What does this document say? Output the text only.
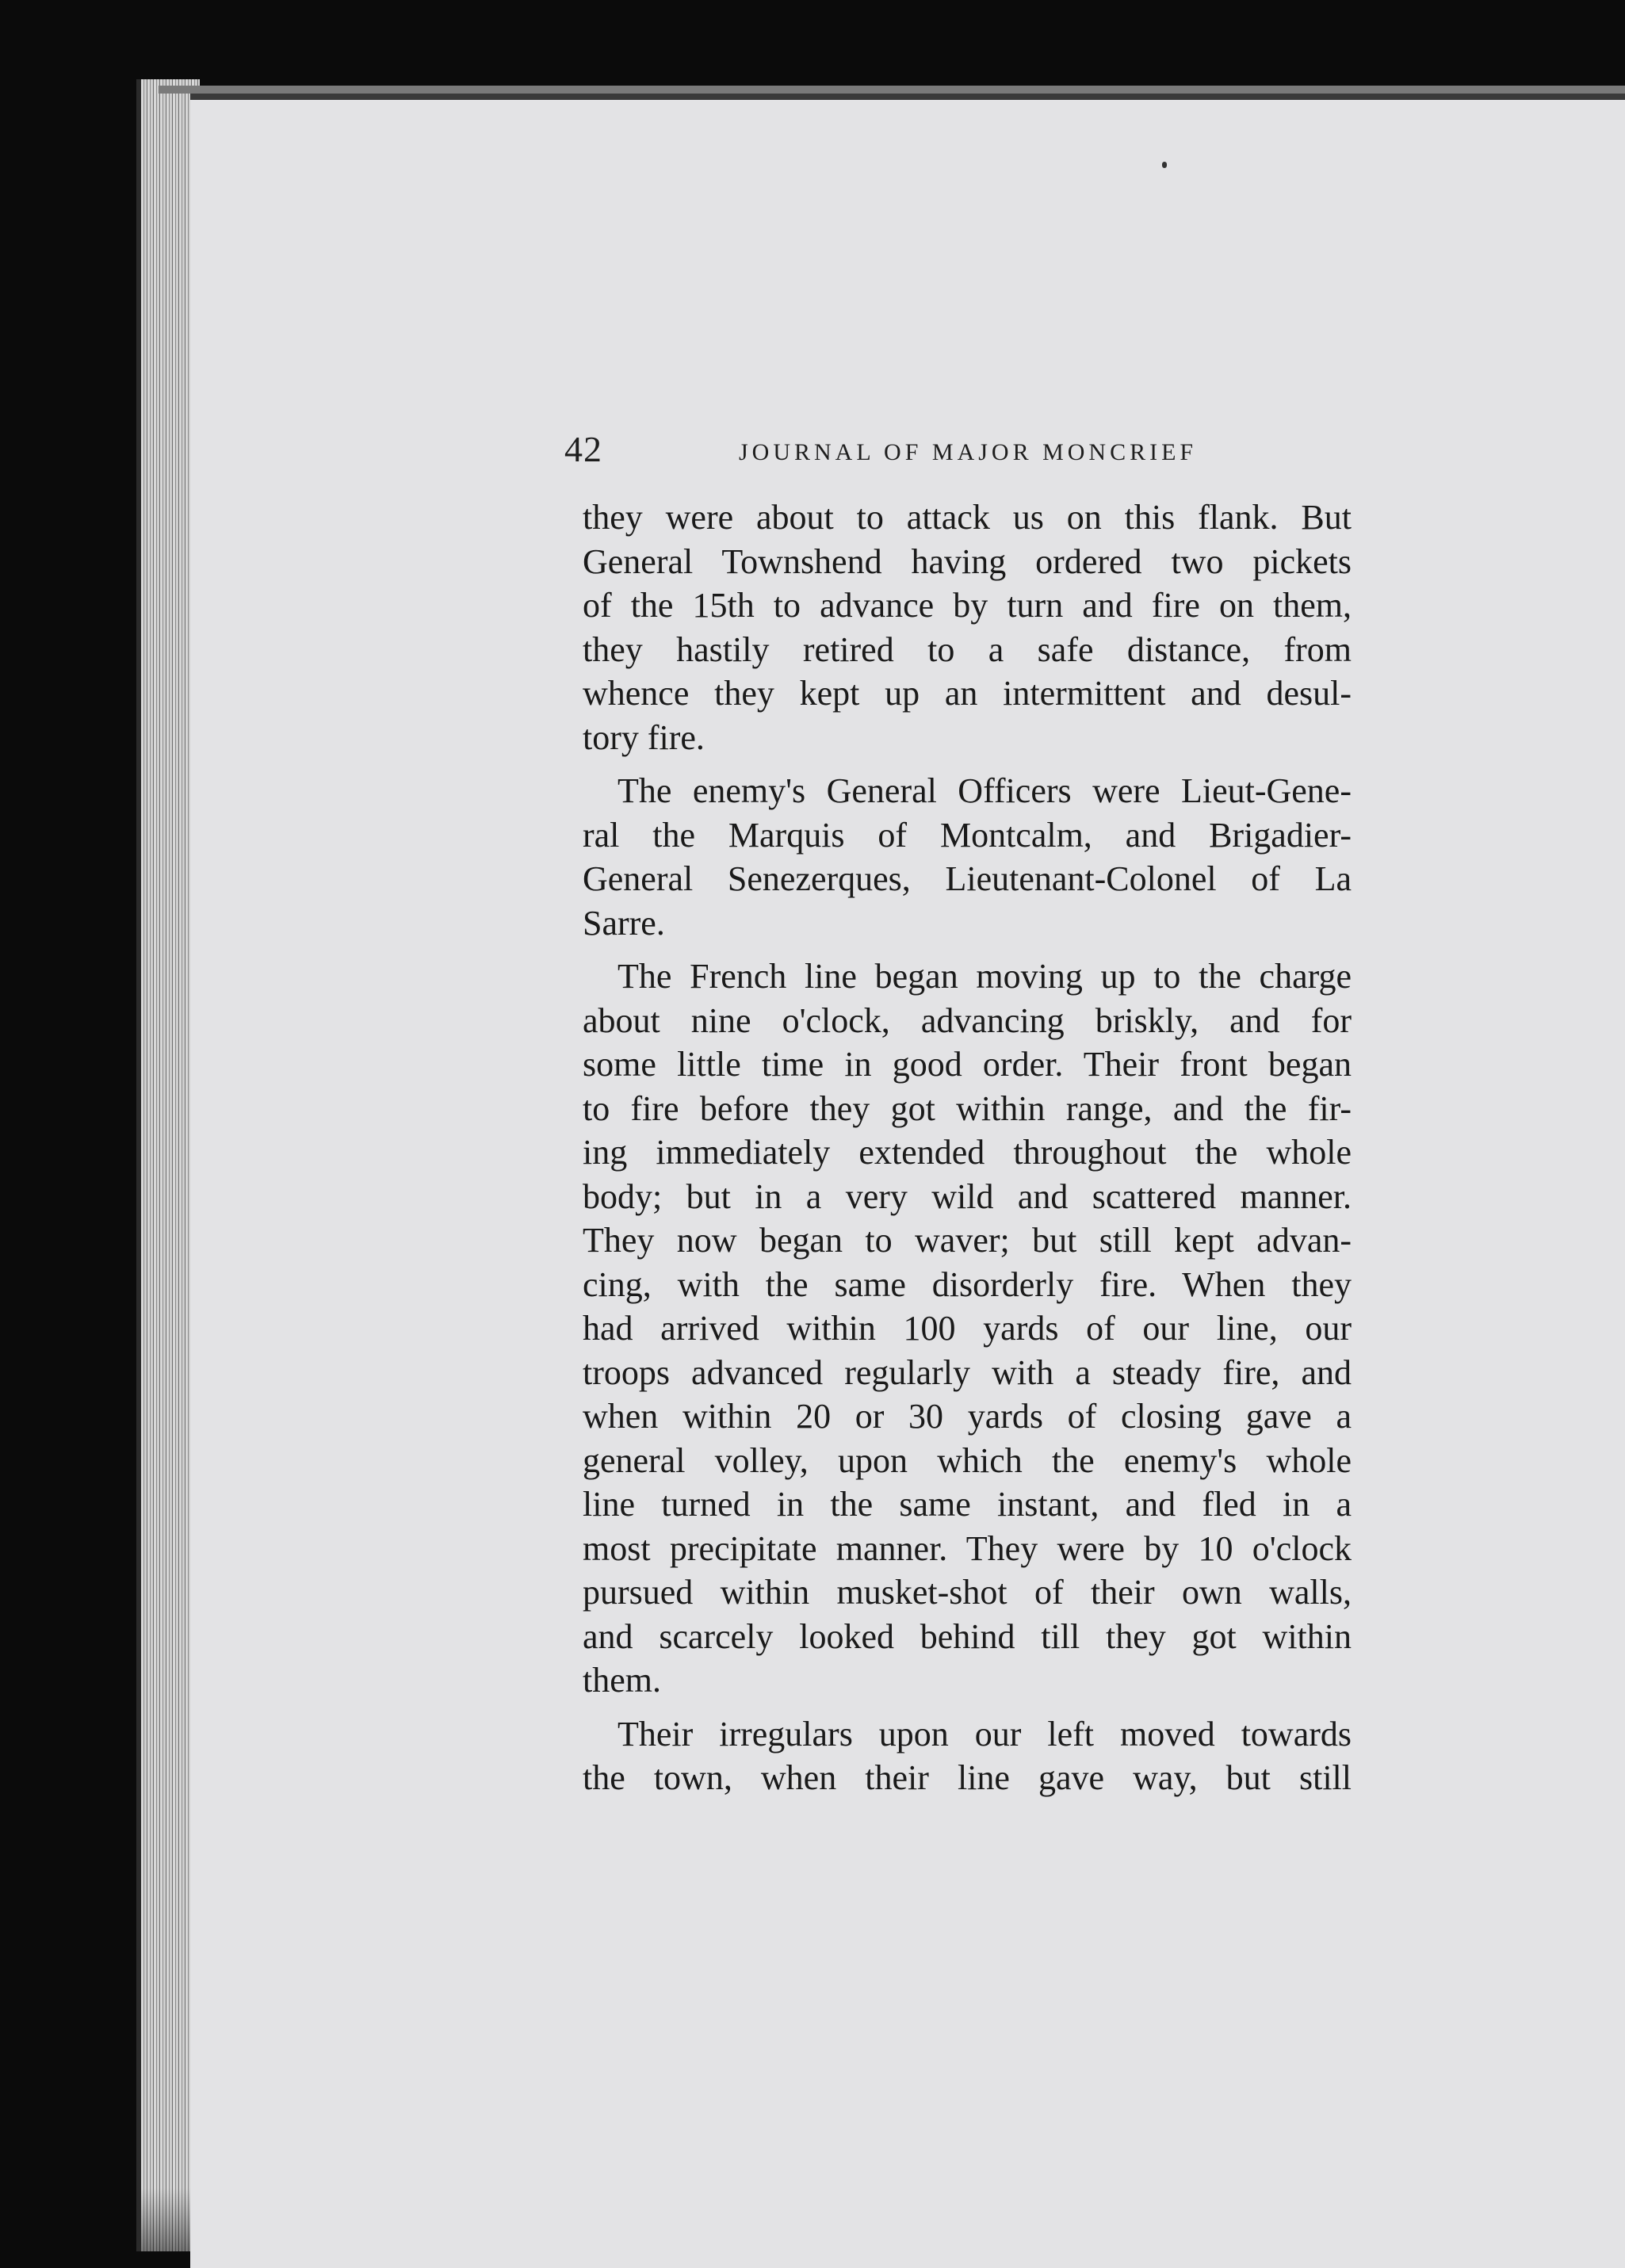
42	JOURNAL OF MAJOR MONCRIEF
they were about to attack us on this flank. But
General Townshend having ordered two pickets
of the 15th to advance by turn and fire on them,
they hastily retired to a safe distance, from
whence they kept up an intermittent and desul-
tory fire.
The enemy's General Officers were Lieut-Gene-
ral the Marquis of Montcalm, and Brigadier-
General Senezerques, Lieutenant-Colonel of La
Sarre.
The French line began moving up to the charge
about nine o'clock, advancing briskly, and for
some little time in good order. Their front began
to fire before they got within range, and the fir-
ing immediately extended throughout the whole
body; but in a very wild and scattered manner.
They now began to waver; but still kept advan-
cing, with the same disorderly fire. When they
had arrived within 100 yards of our line, our
troops advanced regularly with a steady fire, and
when within 20 or 30 yards of closing gave a
general volley, upon which the enemy's whole
line turned in the same instant, and fled in a
most precipitate manner. They were by 10 o'clock
pursued within musket-shot of their own walls,
and scarcely looked behind till they got within
them.
Their irregulars upon our left moved towards
the town, when their line gave way, but still
